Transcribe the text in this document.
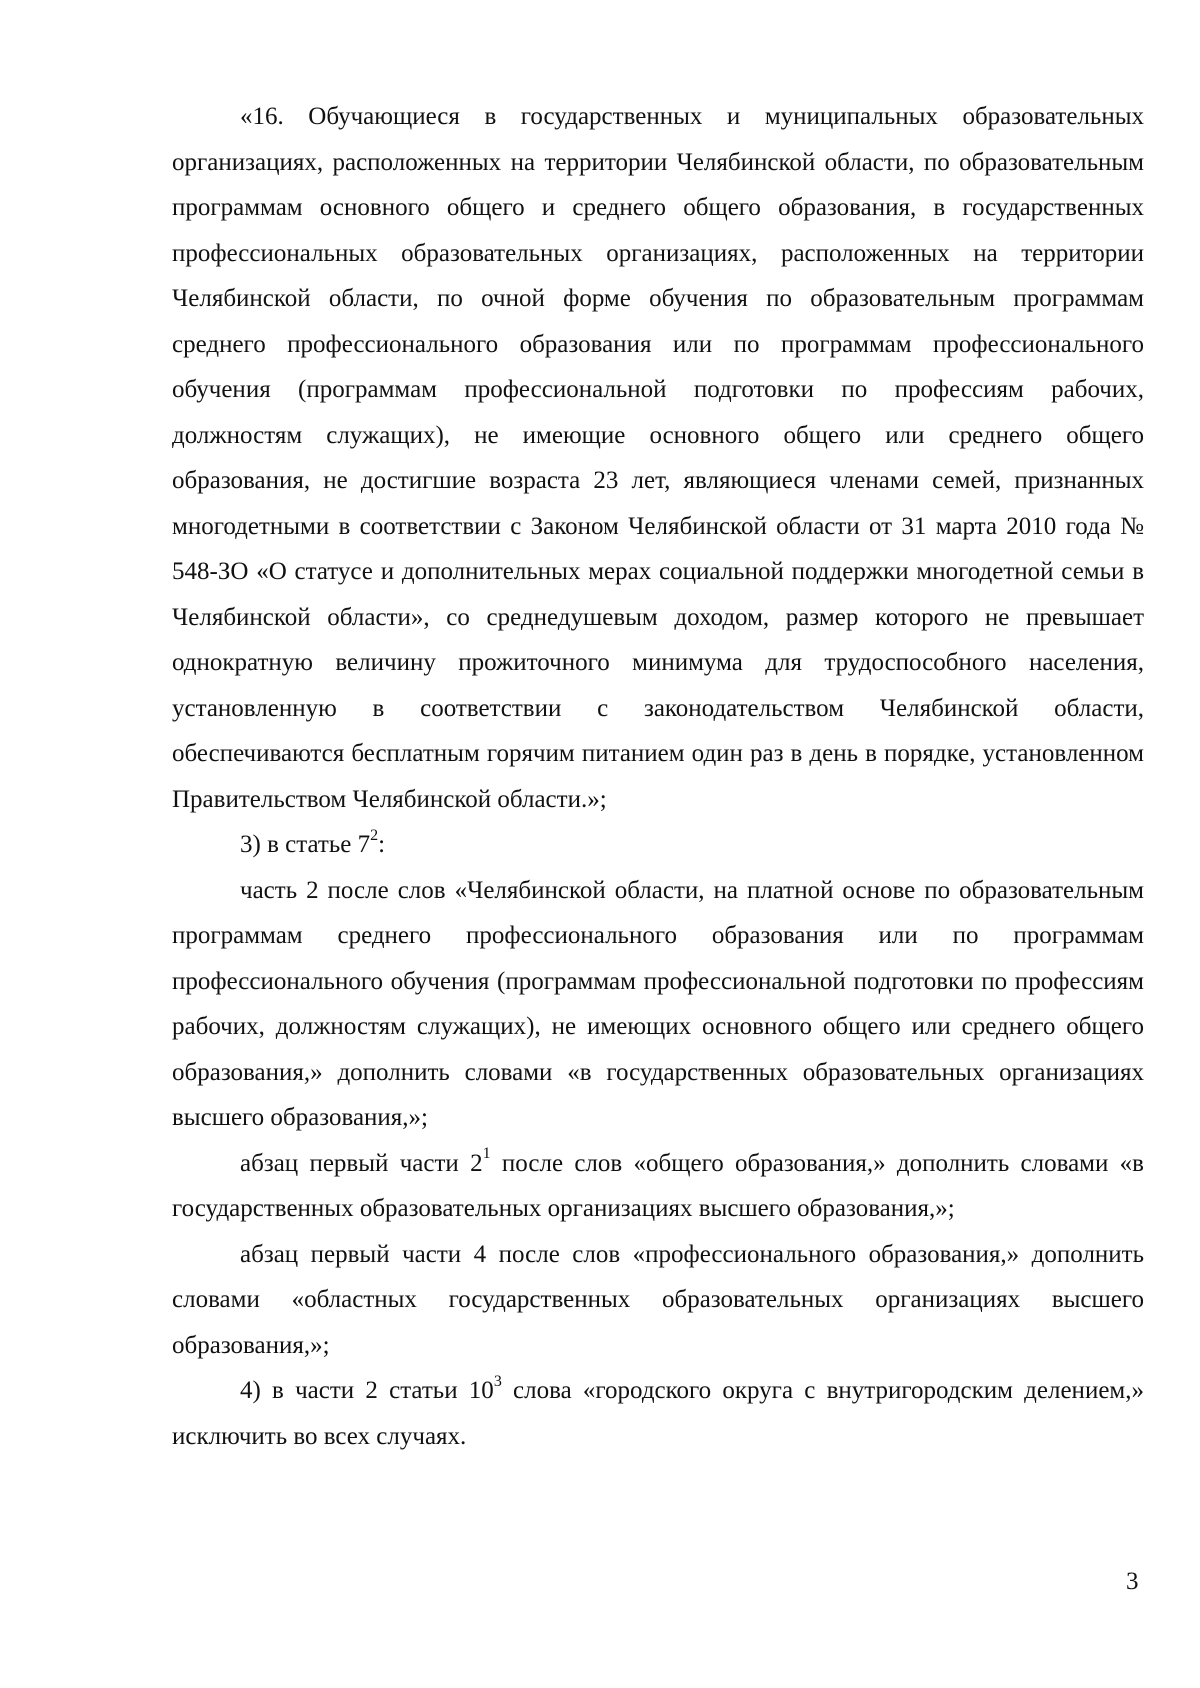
«16. Обучающиеся в государственных и муниципальных образовательных организациях, расположенных на территории Челябинской области, по образовательным программам основного общего и среднего общего образования, в государственных профессиональных образовательных организациях, расположенных на территории Челябинской области, по очной форме обучения по образовательным программам среднего профессионального образования или по программам профессионального обучения (программам профессиональной подготовки по профессиям рабочих, должностям служащих), не имеющие основного общего или среднего общего образования, не достигшие возраста 23 лет, являющиеся членами семей, признанных многодетными в соответствии с Законом Челябинской области от 31 марта 2010 года № 548-ЗО «О статусе и дополнительных мерах социальной поддержки многодетной семьи в Челябинской области», со среднедушевым доходом, размер которого не превышает однократную величину прожиточного минимума для трудоспособного населения, установленную в соответствии с законодательством Челябинской области, обеспечиваются бесплатным горячим питанием один раз в день в порядке, установленном Правительством Челябинской области.»;

3) в статье $7^2$:

часть 2 после слов «Челябинской области, на платной основе по образовательным программам среднего профессионального образования или по программам профессионального обучения (программам профессиональной подготовки по профессиям рабочих, должностям служащих), не имеющих основного общего или среднего общего образования,» дополнить словами «в государственных образовательных организациях высшего образования,»;

абзац первый части $2^1$ после слов «общего образования,» дополнить словами «в государственных образовательных организациях высшего образования,»;

абзац первый части 4 после слов «профессионального образования,» дополнить словами «областных государственных образовательных организациях высшего образования,»;

4) в части 2 статьи $10^3$ слова «городского округа с внутригородским делением,» исключить во всех случаях.

3
